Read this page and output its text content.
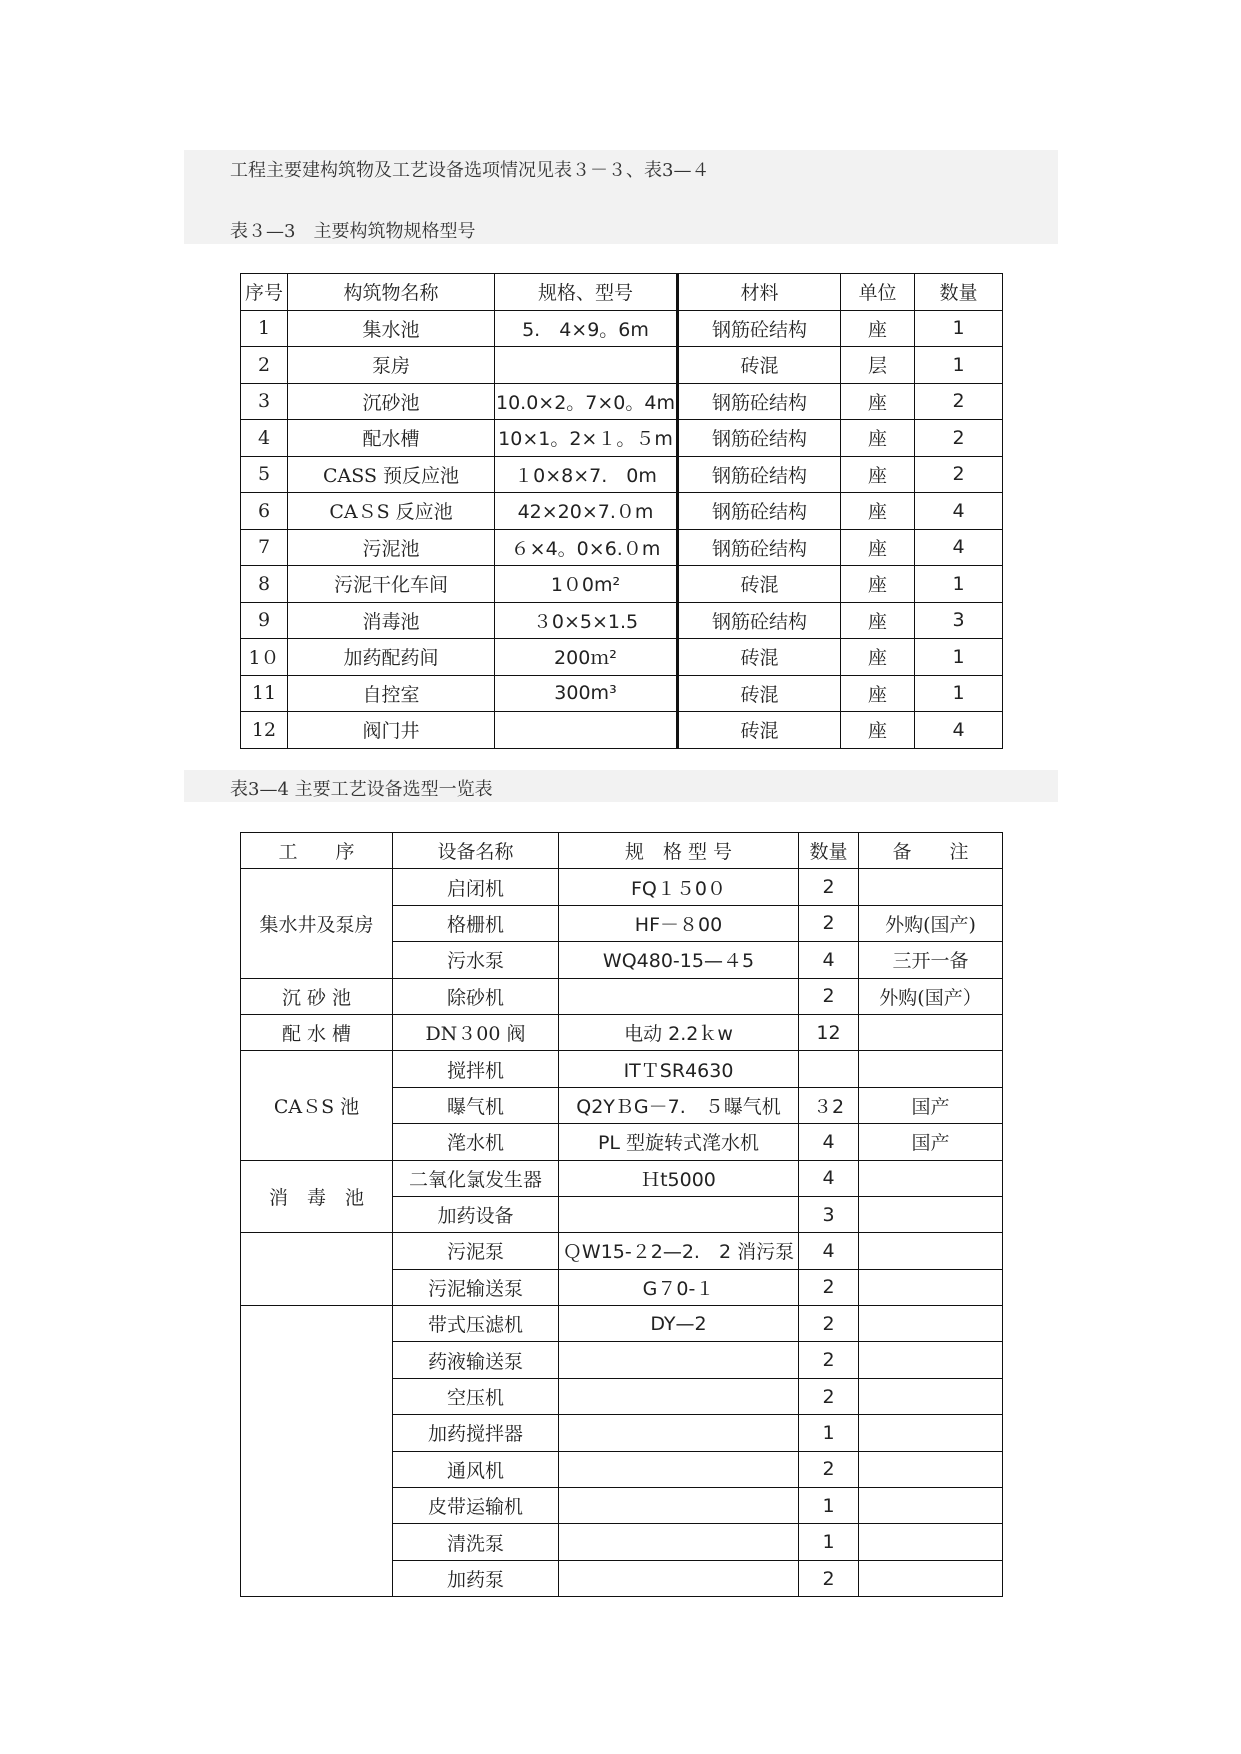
工程主要建构筑物及工艺设备选项情况见表３－３、表3—４
表３—3　主要构筑物规格型号
序号	构筑物名称	规格、型号	材料	单位	数量
1	集水池	5.　4×9。6m	钢筋砼结构	座	1
2	泵房		砖混	层	1
3	沉砂池	10.0×2。7×0。4m	钢筋砼结构	座	2
4	配水槽	10×1。2×１。５m	钢筋砼结构	座	2
5	CASS 预反应池	１0×8×7.　0m	钢筋砼结构	座	2
6	CAＳS 反应池	42×20×7.０m	钢筋砼结构	座	4
7	污泥池	６×4。0×6.０m	钢筋砼结构	座	4
8	污泥干化车间	1０0m²	砖混	座	1
9	消毒池	３0×5×1.5	钢筋砼结构	座	3
1０	加药配药间	200ｍ²	砖混	座	1
11	自控室	300m³	砖混	座	1
12	阀门井		砖混	座	4
表3—4 主要工艺设备选型一览表
工　　序	设备名称	规　格 型 号	数量	备　　注
集水井及泵房	启闭机	FQ１５0０	2	
	格栅机	HF－８00	2	外购(国产)
	污水泵	WQ480-15—４5	4	三开一备
沉 砂 池	除砂机		2	外购(国产）
配 水 槽	DN３00 阀	电动 2.2ｋw	12	
CAＳS 池	搅拌机	ITＴSR4630		
	曝气机	Q2YＢG－7.　５曝气机	３2	国产
	滗水机	PL 型旋转式滗水机	4	国产
消　毒　池	二氧化氯发生器	Ｈt5000	4	
	加药设备		3	
	污泥泵	ＱW15-２2—2.　2 消污泵	4	
	污泥输送泵	G７0-１	2	
	带式压滤机	DY—2	2	
	药液输送泵		2	
	空压机		2	
	加药搅拌器		1	
	通风机		2	
	皮带运输机		1	
	清洗泵		1	
	加药泵		2	
